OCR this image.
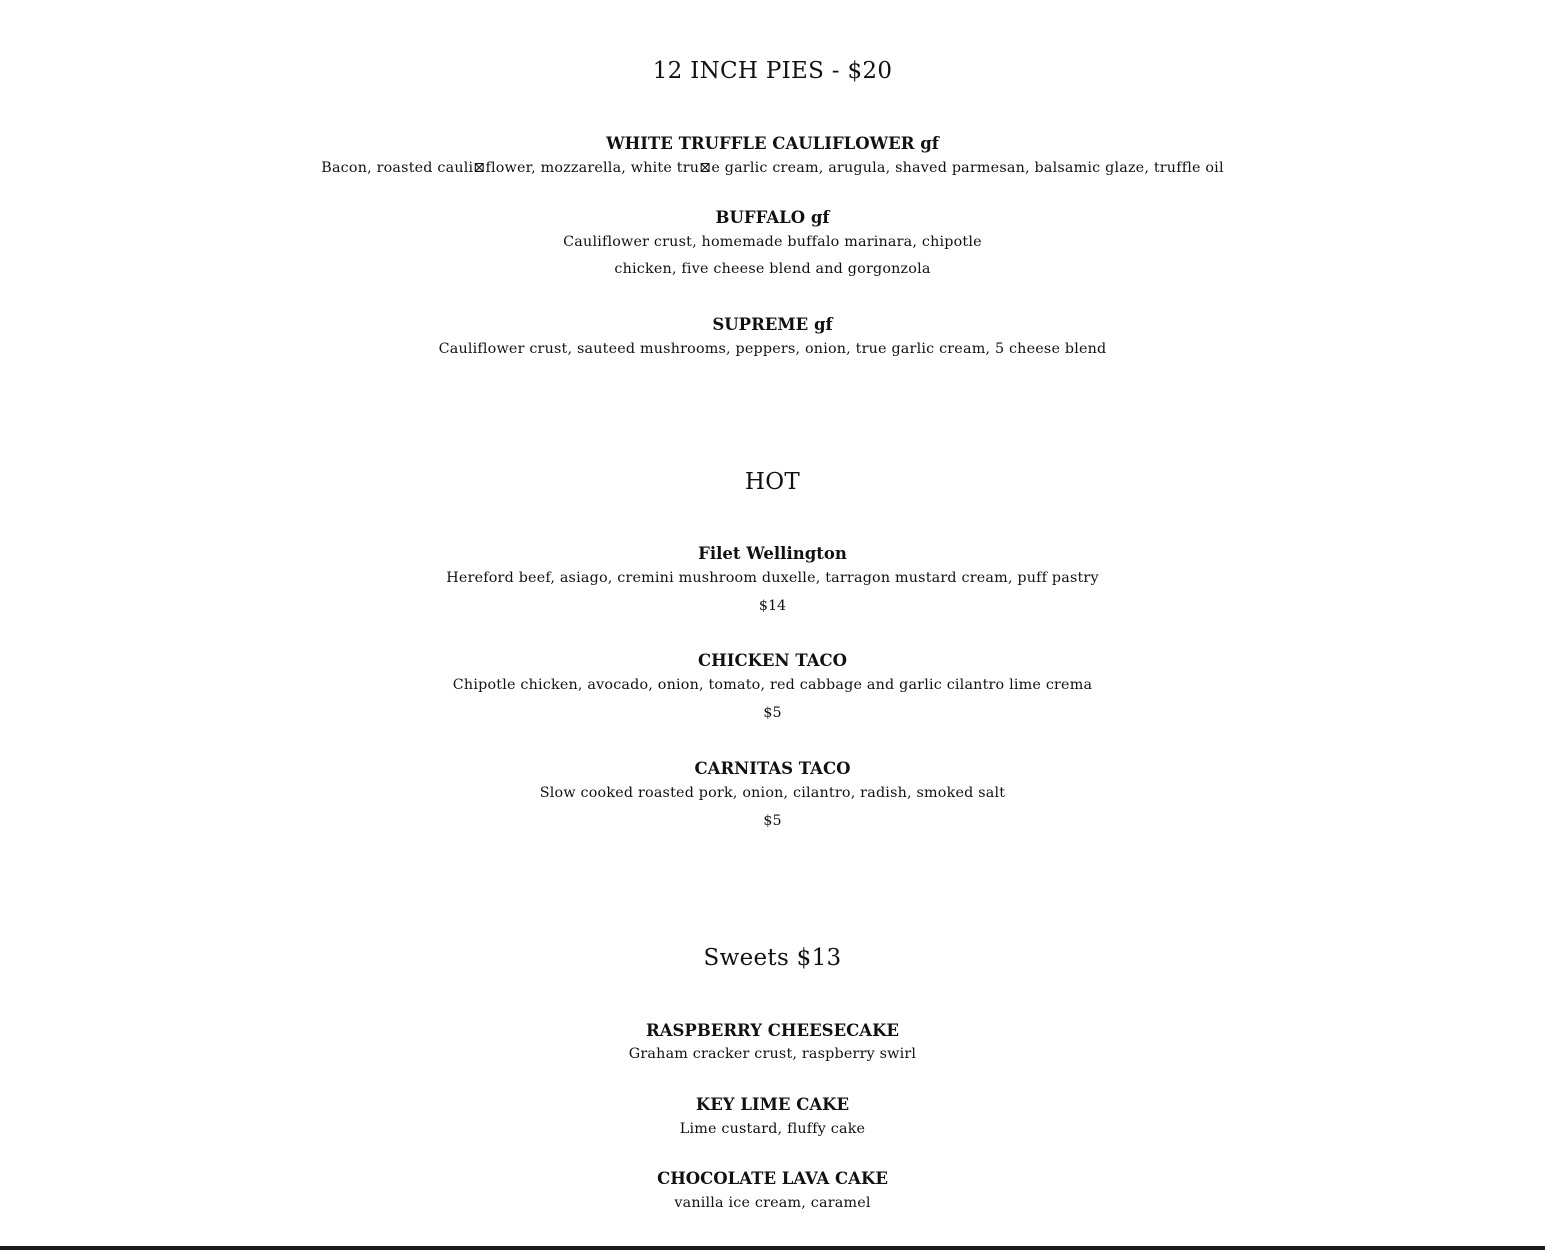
12 INCH PIES - $20
WHITE TRUFFLE CAULIFLOWER gf
Bacon, roasted cauli⊠flower, mozzarella, white tru⊠e garlic cream, arugula, shaved parmesan, balsamic glaze, truffle oil
BUFFALO gf
Cauliflower crust, homemade buffalo marinara, chipotle
chicken, five cheese blend and gorgonzola
SUPREME gf
Cauliflower crust, sauteed mushrooms, peppers, onion, true garlic cream, 5 cheese blend
HOT
Filet Wellington
Hereford beef, asiago, cremini mushroom duxelle, tarragon mustard cream, puff pastry
$14
CHICKEN TACO
Chipotle chicken, avocado, onion, tomato, red cabbage and garlic cilantro lime crema
$5
CARNITAS TACO
Slow cooked roasted pork, onion, cilantro, radish, smoked salt
$5
Sweets $13
RASPBERRY CHEESECAKE
Graham cracker crust, raspberry swirl
KEY LIME CAKE
Lime custard, fluffy cake
CHOCOLATE LAVA CAKE
vanilla ice cream, caramel
